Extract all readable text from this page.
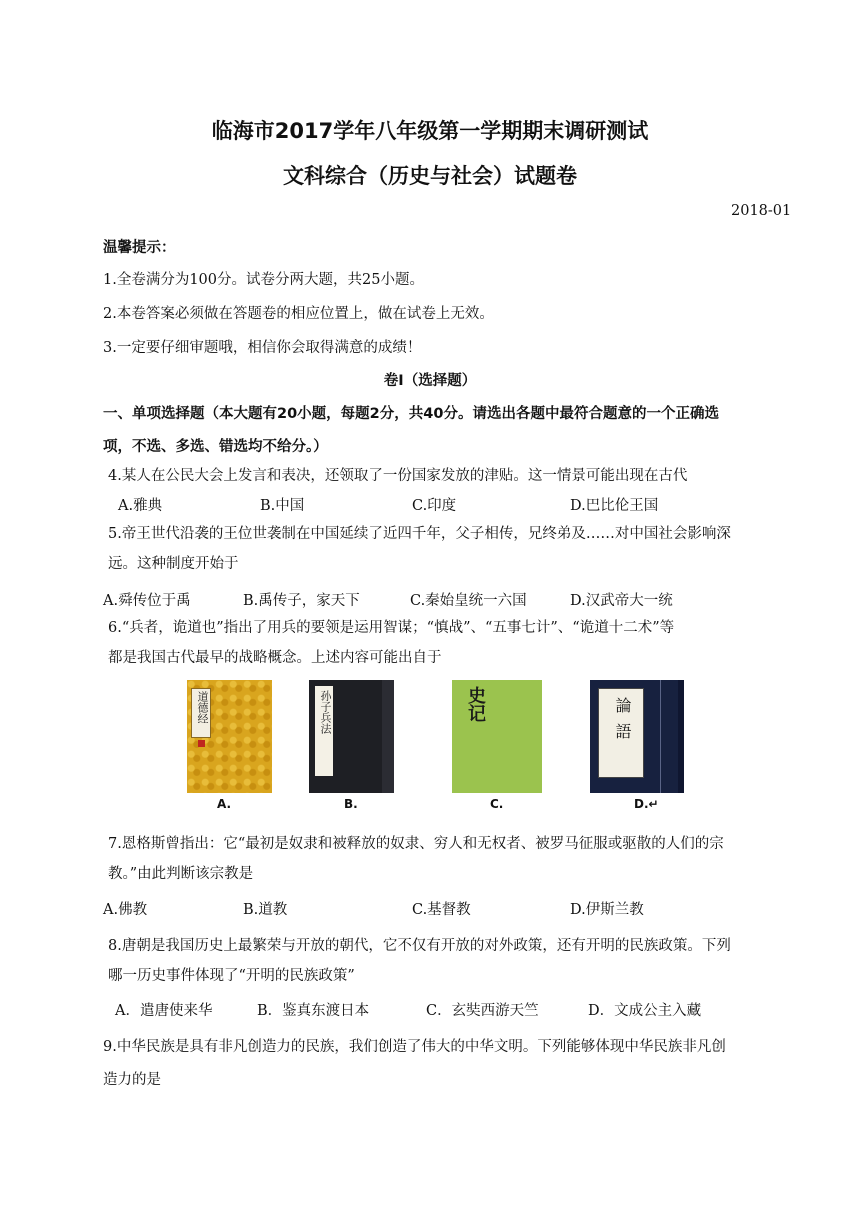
临海市2017学年八年级第一学期期末调研测试
文科综合（历史与社会）试题卷
2018-01
温馨提示：
1.全卷满分为100分。试卷分两大题，共25小题。
2.本卷答案必须做在答题卷的相应位置上，做在试卷上无效。
3.一定要仔细审题哦，相信你会取得满意的成绩！
卷Ⅰ（选择题）
一、单项选择题（本大题有20小题，每题2分，共40分。请选出各题中最符合题意的一个正确选
项，不选、多选、错选均不给分。）
4.某人在公民大会上发言和表决，还领取了一份国家发放的津贴。这一情景可能出现在古代
A.雅典	B.中国	C.印度	D.巴比伦王国
5.帝王世代沿袭的王位世袭制在中国延续了近四千年，父子相传，兄终弟及……对中国社会影响深
远。这种制度开始于
A.舜传位于禹	B.禹传子，家天下	C.秦始皇统一六国	D.汉武帝大一统
6.“兵者，诡道也”指出了用兵的要领是运用智谋；“慎战”、“五事七计”、“诡道十二术”等
都是我国古代最早的战略概念。上述内容可能出自于
道德经
A.
孙子兵法
B.
史记
C.
論語
D.↵
7.恩格斯曾指出：它“最初是奴隶和被释放的奴隶、穷人和无权者、被罗马征服或驱散的人们的宗
教。”由此判断该宗教是
A.佛教	B.道教	C.基督教	D.伊斯兰教
8.唐朝是我国历史上最繁荣与开放的朝代，它不仅有开放的对外政策，还有开明的民族政策。下列
哪一历史事件体现了“开明的民族政策”
A．遣唐使来华	B．鉴真东渡日本	C．玄奘西游天竺	D．文成公主入藏
9.中华民族是具有非凡创造力的民族，我们创造了伟大的中华文明。下列能够体现中华民族非凡创
造力的是
